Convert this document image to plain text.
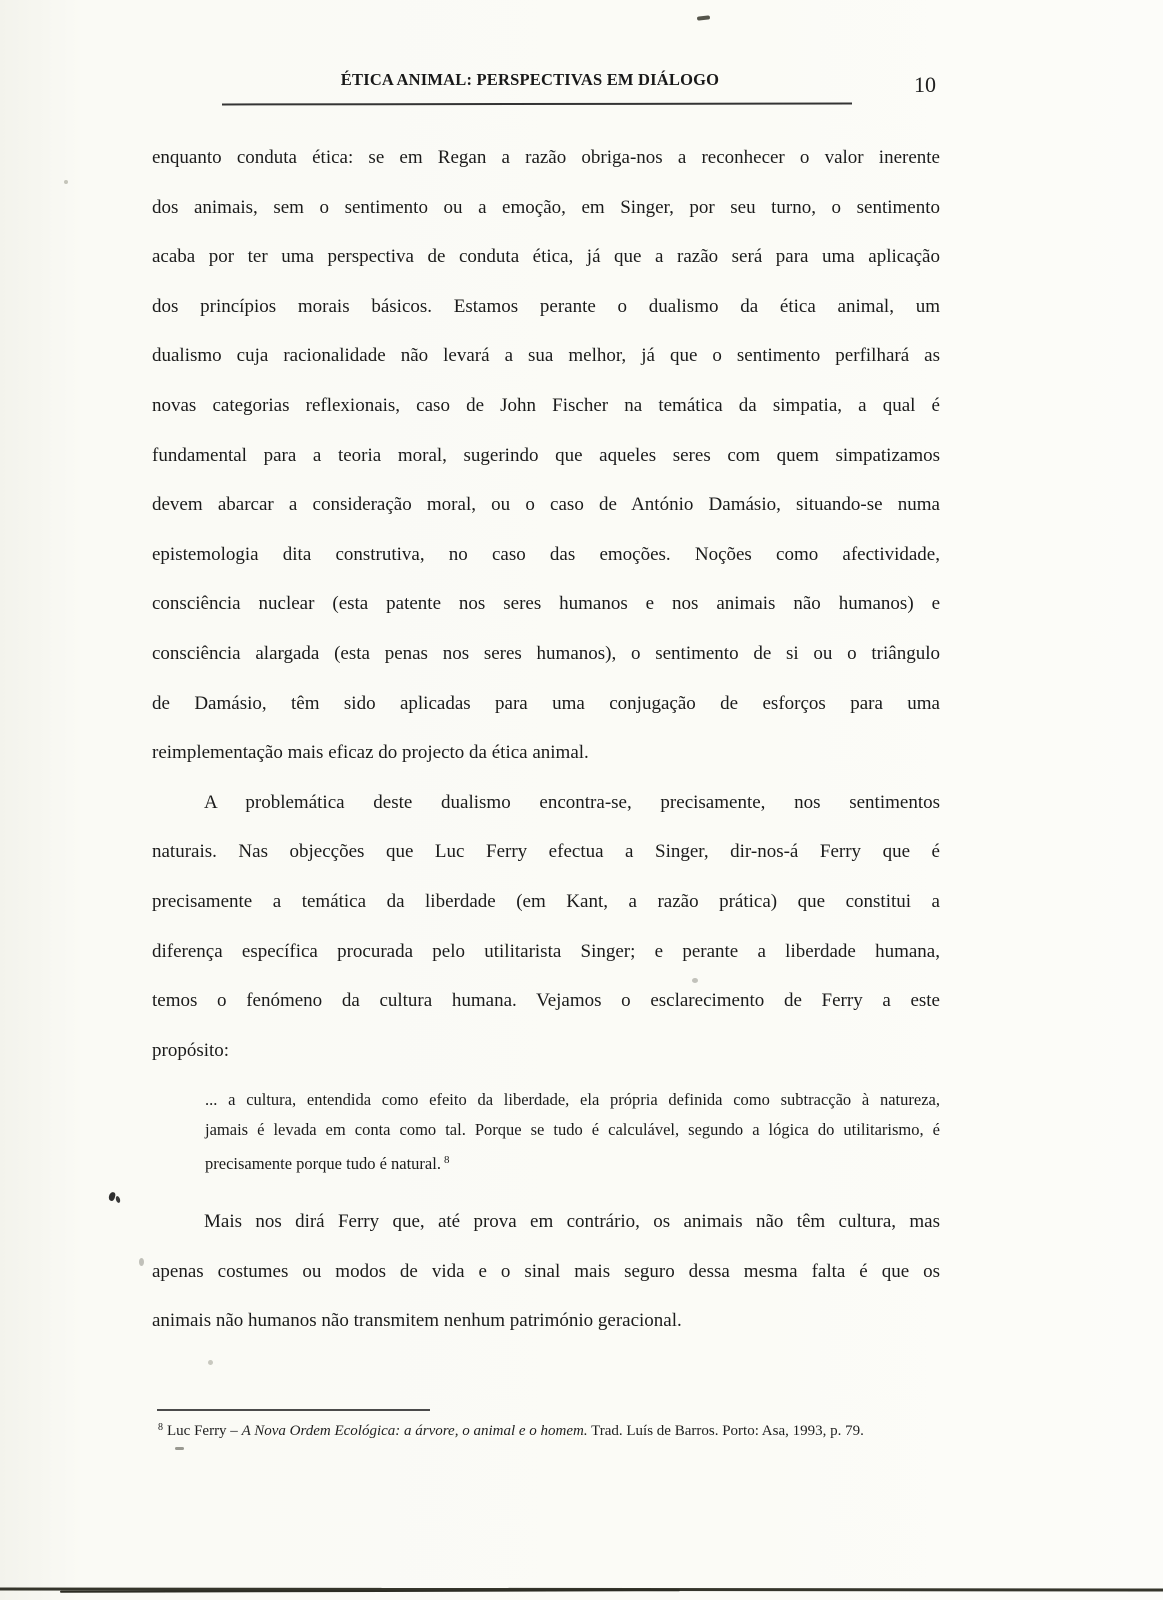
ÉTICA ANIMAL: PERSPECTIVAS EM DIÁLOGO	10
enquanto conduta ética: se em Regan a razão obriga-nos a reconhecer o valor inerente
dos animais, sem o sentimento ou a emoção, em Singer, por seu turno, o sentimento
acaba por ter uma perspectiva de conduta ética, já que a razão será para uma aplicação
dos princípios morais básicos. Estamos perante o dualismo da ética animal, um
dualismo cuja racionalidade não levará a sua melhor, já que o sentimento perfilhará as
novas categorias reflexionais, caso de John Fischer na temática da simpatia, a qual é
fundamental para a teoria moral, sugerindo que aqueles seres com quem simpatizamos
devem abarcar a consideração moral, ou o caso de António Damásio, situando-se numa
epistemologia dita construtiva, no caso das emoções. Noções como afectividade,
consciência nuclear (esta patente nos seres humanos e nos animais não humanos) e
consciência alargada (esta penas nos seres humanos), o sentimento de si ou o triângulo
de Damásio, têm sido aplicadas para uma conjugação de esforços para uma
reimplementação mais eficaz do projecto da ética animal.
A problemática deste dualismo encontra-se, precisamente, nos sentimentos
naturais. Nas objecções que Luc Ferry efectua a Singer, dir-nos-á Ferry que é
precisamente a temática da liberdade (em Kant, a razão prática) que constitui a
diferença específica procurada pelo utilitarista Singer; e perante a liberdade humana,
temos o fenómeno da cultura humana. Vejamos o esclarecimento de Ferry a este
propósito:
... a cultura, entendida como efeito da liberdade, ela própria definida como subtracção à natureza,
jamais é levada em conta como tal. Porque se tudo é calculável, segundo a lógica do utilitarismo, é
precisamente porque tudo é natural. $^8$
Mais nos dirá Ferry que, até prova em contrário, os animais não têm cultura, mas
apenas costumes ou modos de vida e o sinal mais seguro dessa mesma falta é que os
animais não humanos não transmitem nenhum património geracional.
$^8$ Luc Ferry – A Nova Ordem Ecológica: a árvore, o animal e o homem. Trad. Luís de Barros. Porto: Asa, 1993, p. 79.
